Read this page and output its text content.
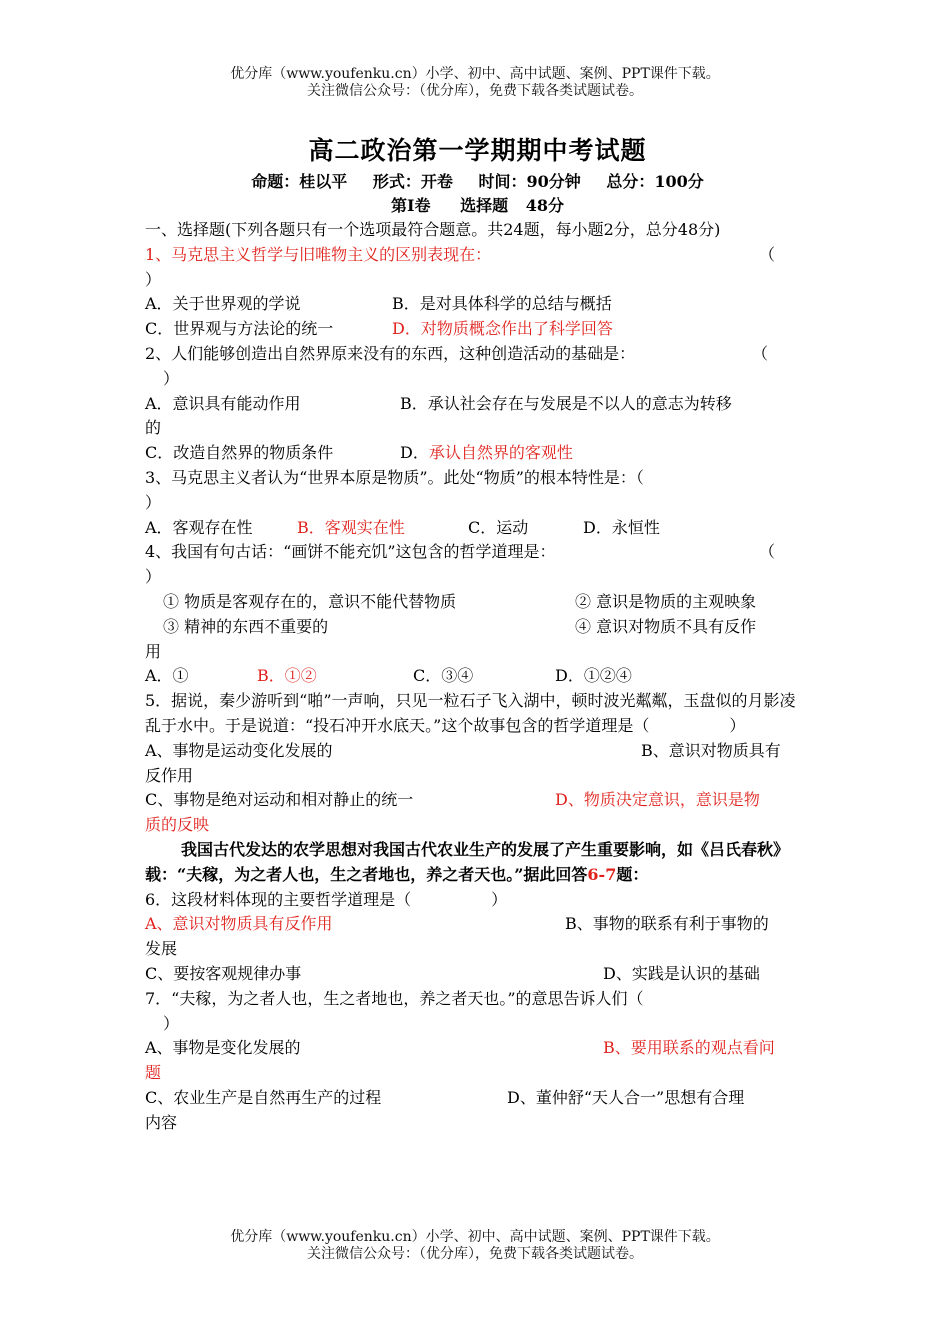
优分库（www.youfenku.cn）小学、初中、高中试题、案例、PPT课件下载。
关注微信公众号：（优分库），免费下载各类试题试卷。
高二政治第一学期期中考试题
命题：桂以平 形式：开卷 时间：90分钟 总分：100分
第Ⅰ卷 选择题 48分
一、选择题(下列各题只有一个选项最符合题意。共24题，每小题2分，总分48分)
1、马克思主义哲学与旧唯物主义的区别表现在：	（
）
A．关于世界观的学说	B．是对具体科学的总结与概括
C．世界观与方法论的统一	D．对物质概念作出了科学回答
2、人们能够创造出自然界原来没有的东西，这种创造活动的基础是：	（
）
A．意识具有能动作用	B．承认社会存在与发展是不以人的意志为转移
的
C．改造自然界的物质条件	D．承认自然界的客观性
3、马克思主义者认为“世界本原是物质”。此处“物质”的根本特性是：（
）
A．客观存在性	B．客观实在性	C．运动	D．永恒性
4、我国有句古话：“画饼不能充饥”这包含的哲学道理是：	（
）
① 物质是客观存在的，意识不能代替物质	② 意识是物质的主观映象
③ 精神的东西不重要的	④ 意识对物质不具有反作
用
A．①	B．①②	C．③④	D．①②④
5．据说，秦少游听到“啪”一声响，只见一粒石子飞入湖中，顿时波光粼粼，玉盘似的月影凌乱于水中。于是说道：“投石冲开水底天。”这个故事包含的哲学道理是（　　　　　）
A、事物是运动变化发展的	B、意识对物质具有
反作用
C、事物是绝对运动和相对静止的统一	D、物质决定意识，意识是物
质的反映
我国古代发达的农学思想对我国古代农业生产的发展了产生重要影响，如《吕氏春秋》载：“夫稼，为之者人也，生之者地也，养之者天也。”据此回答6-7题：
6．这段材料体现的主要哲学道理是（　　　　　）
A、意识对物质具有反作用	B、事物的联系有利于事物的
发展
C、要按客观规律办事	D、实践是认识的基础
7．“夫稼，为之者人也，生之者地也，养之者天也。”的意思告诉人们（
）
A、事物是变化发展的	B、要用联系的观点看问
题
C、农业生产是自然再生产的过程	D、董仲舒“天人合一”思想有合理
内容
优分库（www.youfenku.cn）小学、初中、高中试题、案例、PPT课件下载。
关注微信公众号：（优分库），免费下载各类试题试卷。
